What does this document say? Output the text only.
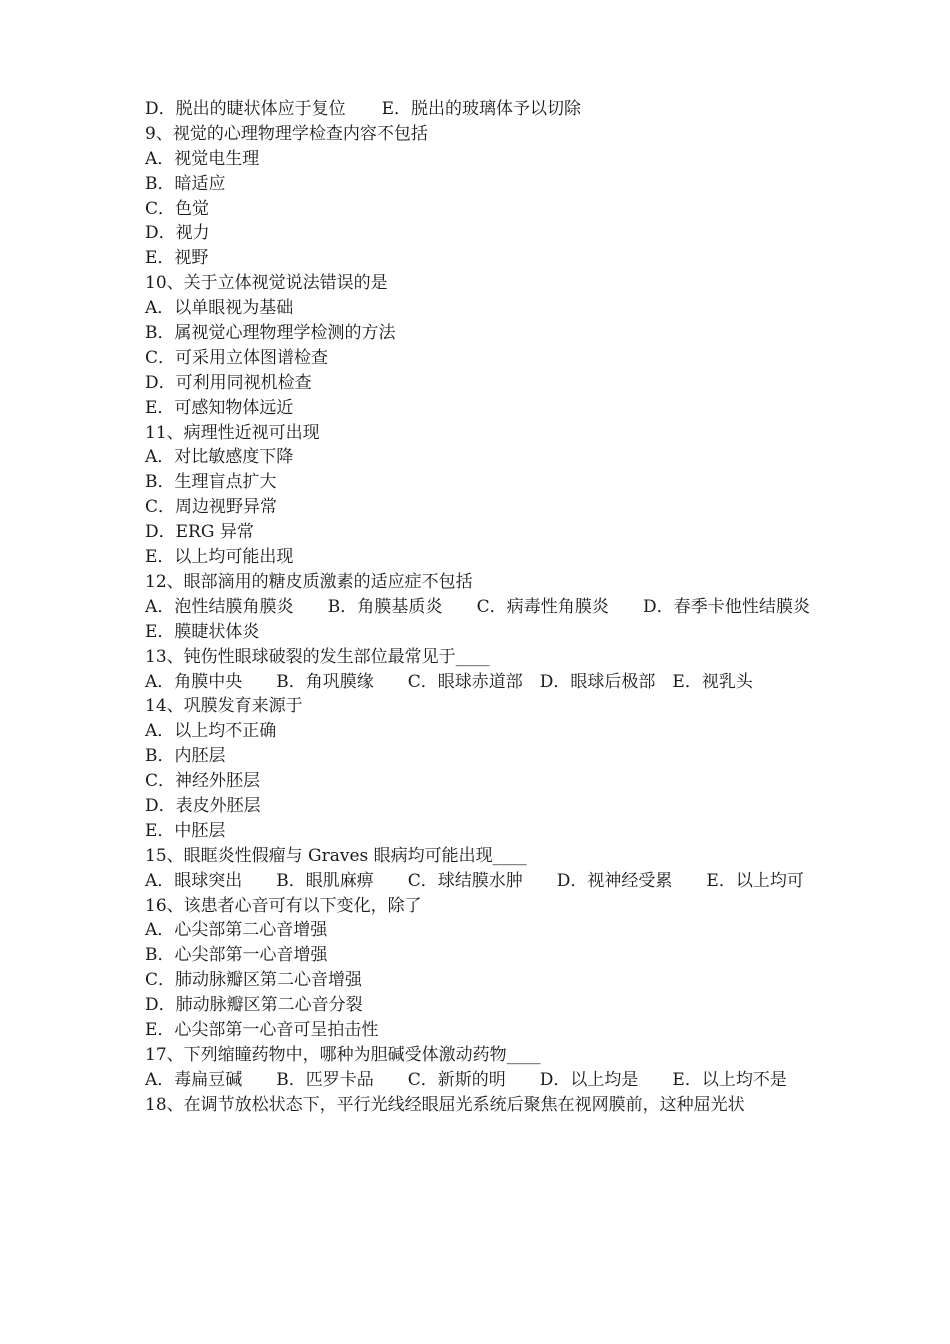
D．脱出的睫状体应于复位 E．脱出的玻璃体予以切除
9、视觉的心理物理学检查内容不包括
A．视觉电生理
B．暗适应
C．色觉
D．视力
E．视野
10、关于立体视觉说法错误的是
A．以单眼视为基础
B．属视觉心理物理学检测的方法
C．可采用立体图谱检查
D．可利用同视机检查
E．可感知物体远近
11、病理性近视可出现
A．对比敏感度下降
B．生理盲点扩大
C．周边视野异常
D．ERG 异常
E．以上均可能出现
12、眼部滴用的糖皮质激素的适应症不包括
A．泡性结膜角膜炎　　B．角膜基质炎　　C．病毒性角膜炎　　D．春季卡他性结膜炎　　E．膜睫状体炎
13、钝伤性眼球破裂的发生部位最常见于____
A．角膜中央　　B．角巩膜缘　　C．眼球赤道部　D．眼球后极部　E．视乳头
14、巩膜发育来源于
A．以上均不正确
B．内胚层
C．神经外胚层
D．表皮外胚层
E．中胚层
15、眼眶炎性假瘤与 Graves 眼病均可能出现____
A．眼球突出　　B．眼肌麻痹　　C．球结膜水肿　　D．视神经受累　　E．以上均可
16、该患者心音可有以下变化，除了
A．心尖部第二心音增强
B．心尖部第一心音增强
C．肺动脉瓣区第二心音增强
D．肺动脉瓣区第二心音分裂
E．心尖部第一心音可呈拍击性
17、下列缩瞳药物中，哪种为胆碱受体激动药物____
A．毒扁豆碱　　B．匹罗卡品　　C．新斯的明　　D．以上均是　　E．以上均不是
18、在调节放松状态下，平行光线经眼屈光系统后聚焦在视网膜前，这种屈光状
